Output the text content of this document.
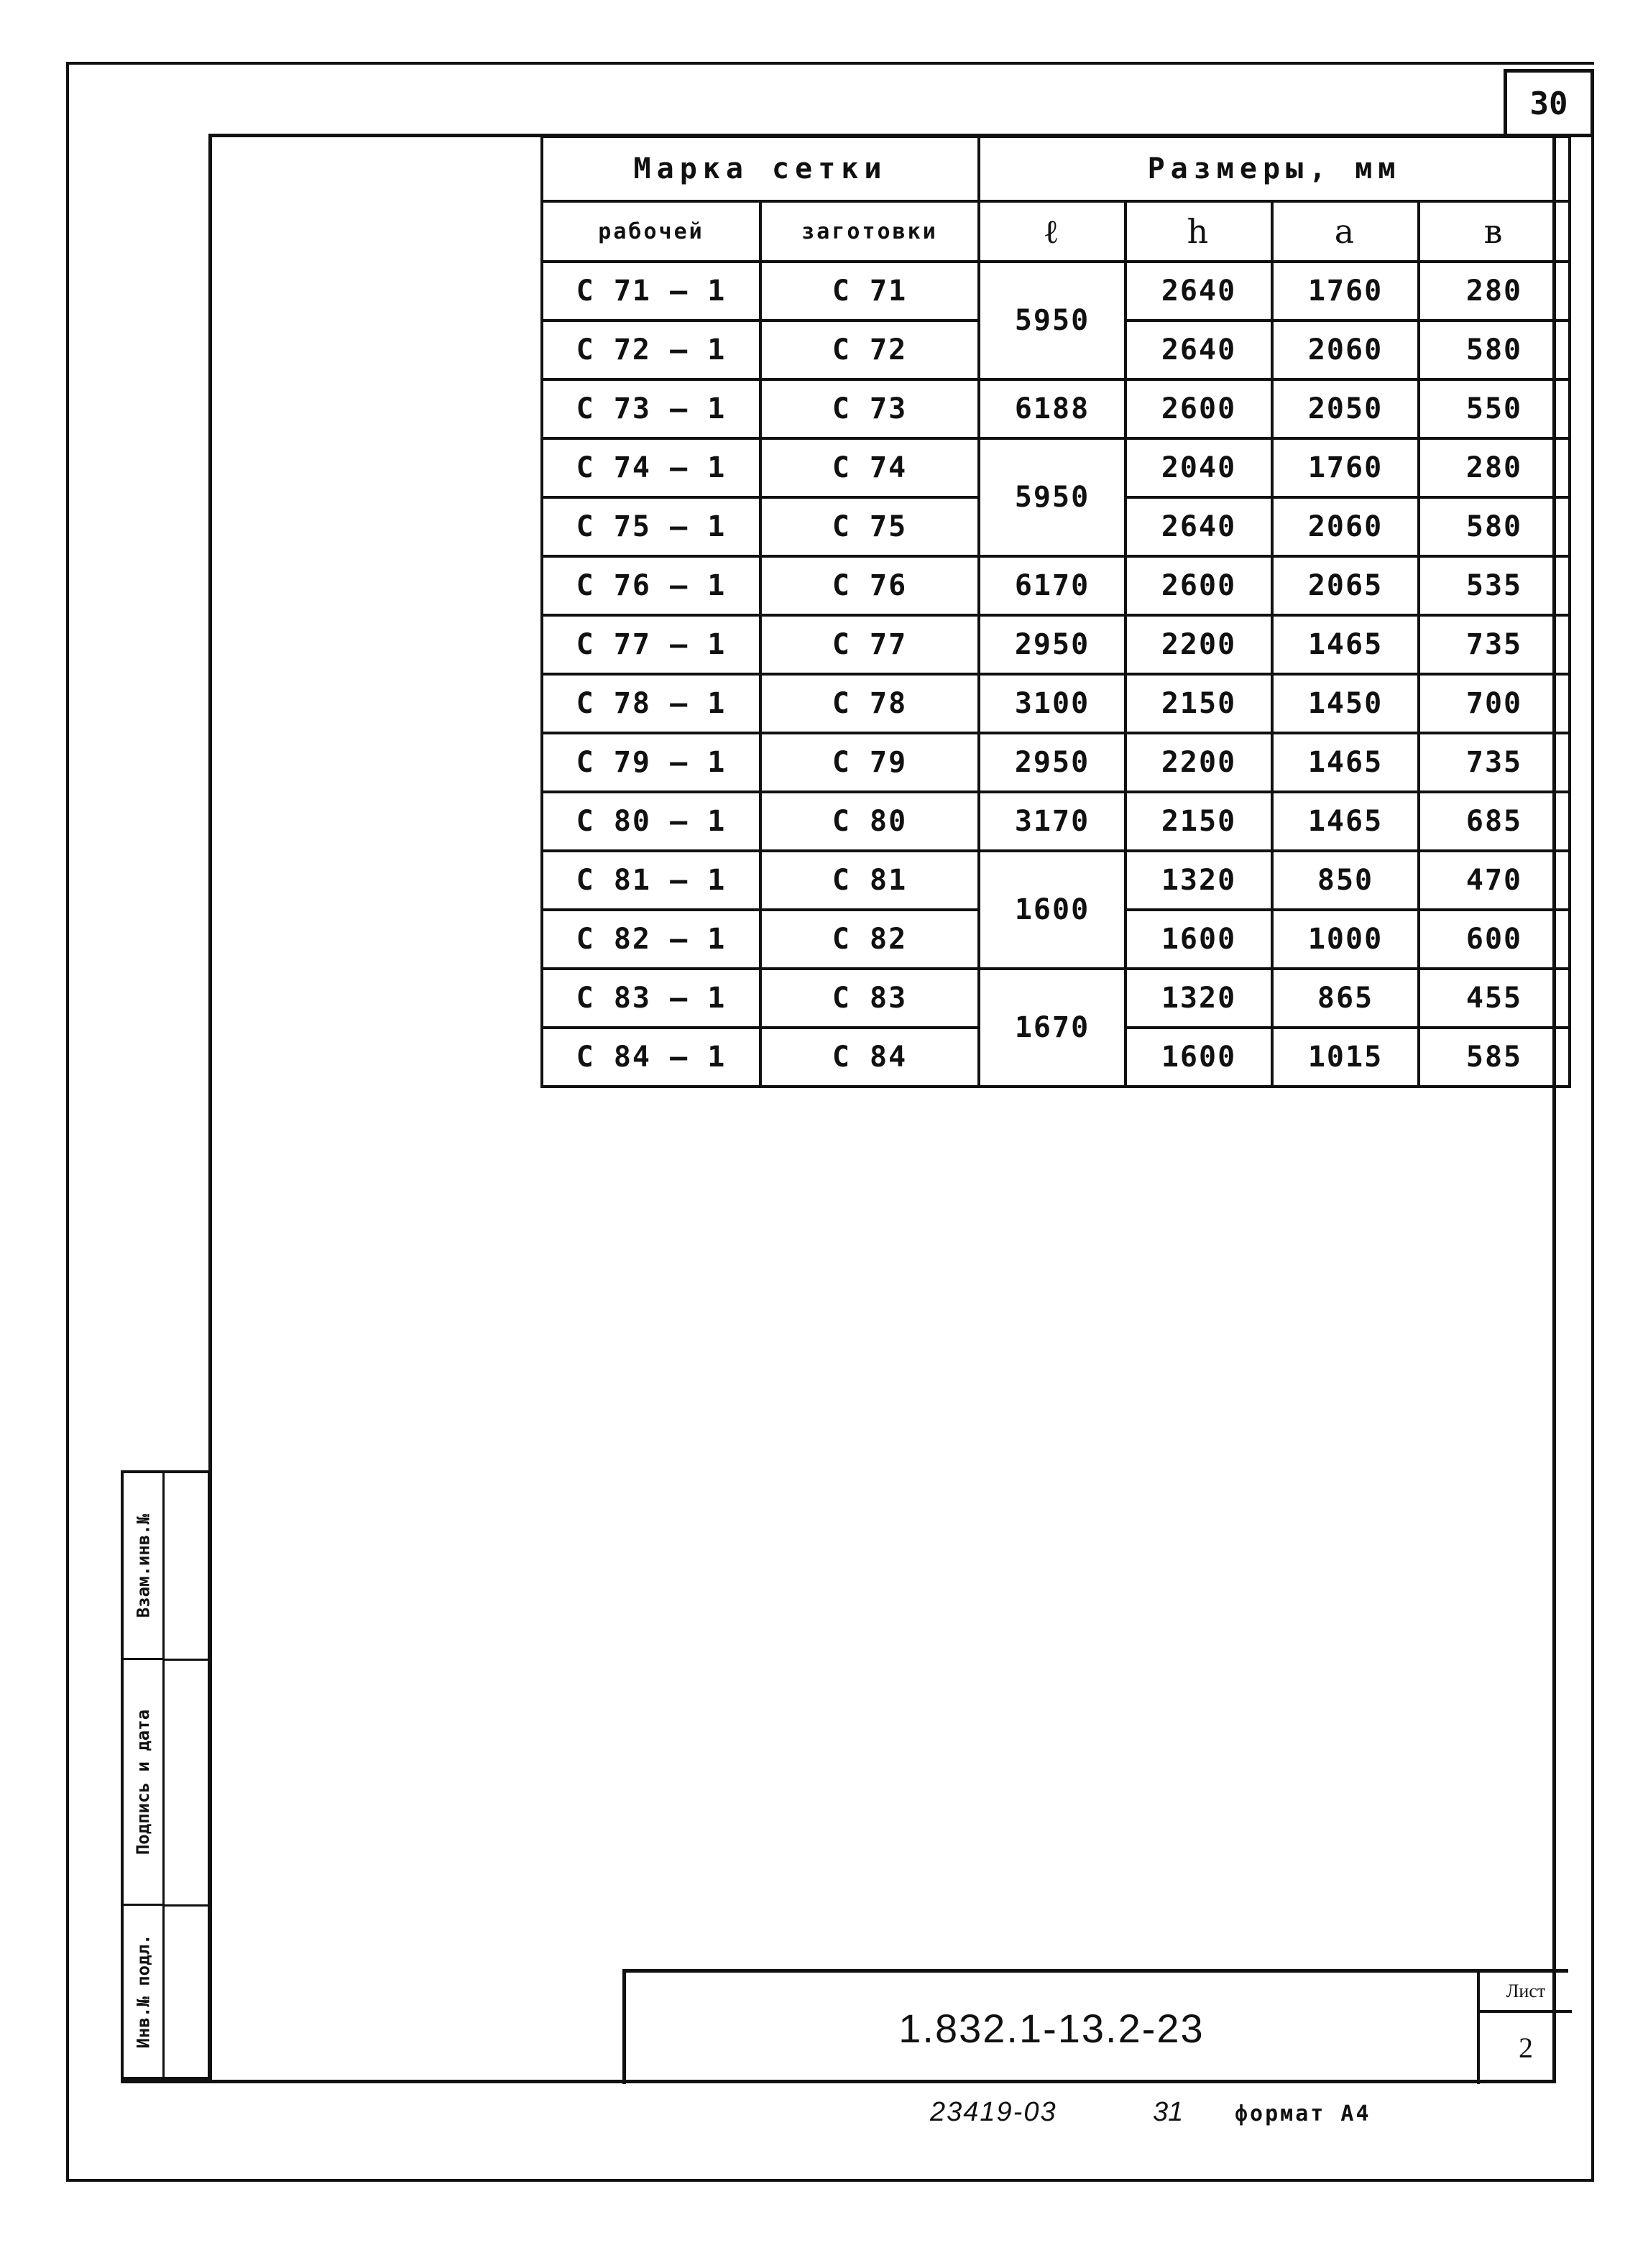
30
Марка сетки		Размеры, мм			
рабочей	заготовки	ℓ	h	a	в
С 71 – 1	С 71	5950	2640	1760	280
С 72 – 1	С 72		2640	2060	580
С 73 – 1	С 73	6188	2600	2050	550
С 74 – 1	С 74	5950	2040	1760	280
С 75 – 1	С 75		2640	2060	580
С 76 – 1	С 76	6170	2600	2065	535
С 77 – 1	С 77	2950	2200	1465	735
С 78 – 1	С 78	3100	2150	1450	700
С 79 – 1	С 79	2950	2200	1465	735
С 80 – 1	С 80	3170	2150	1465	685
С 81 – 1	С 81	1600	1320	850	470
С 82 – 1	С 82		1600	1000	600
С 83 – 1	С 83	1670	1320	865	455
С 84 – 1	С 84		1600	1015	585
Взам.инв.№
Подпись и дата
Инв.№ подл.	1.832.1-13.2-23
Лист
2
23419-03	31 формат А4
